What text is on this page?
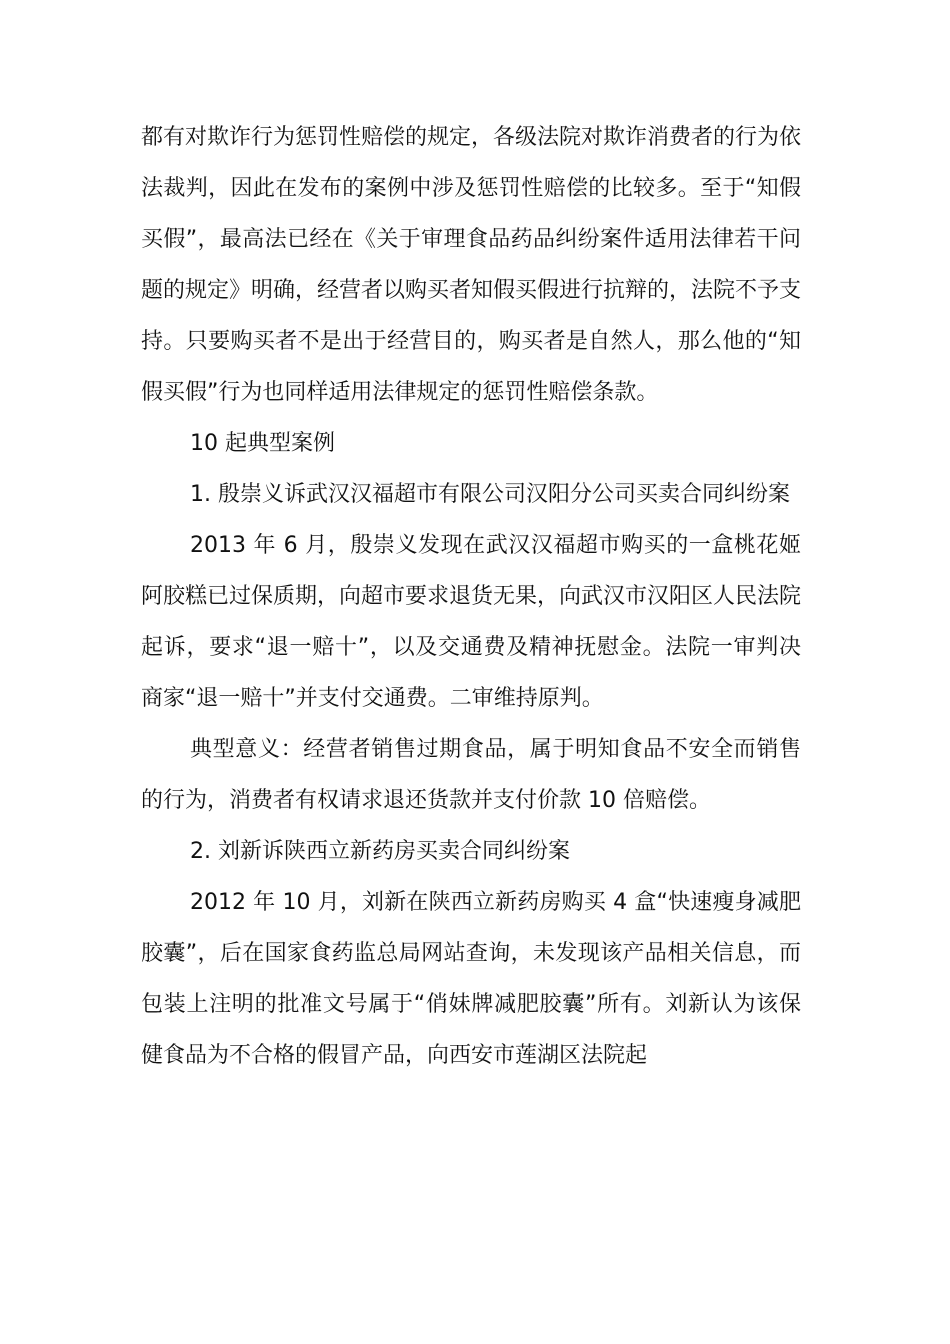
都有对欺诈行为惩罚性赔偿的规定，各级法院对欺诈消费者的行为依法裁判，因此在发布的案例中涉及惩罚性赔偿的比较多。至于“知假买假”，最高法已经在《关于审理食品药品纠纷案件适用法律若干问题的规定》明确，经营者以购买者知假买假进行抗辩的，法院不予支持。只要购买者不是出于经营目的，购买者是自然人，那么他的“知假买假”行为也同样适用法律规定的惩罚性赔偿条款。

10 起典型案例

1. 殷崇义诉武汉汉福超市有限公司汉阳分公司买卖合同纠纷案

2013 年 6 月，殷崇义发现在武汉汉福超市购买的一盒桃花姬阿胶糕已过保质期，向超市要求退货无果，向武汉市汉阳区人民法院起诉，要求“退一赔十”，以及交通费及精神抚慰金。法院一审判决商家“退一赔十”并支付交通费。二审维持原判。

典型意义：经营者销售过期食品，属于明知食品不安全而销售的行为，消费者有权请求退还货款并支付价款 10 倍赔偿。

2. 刘新诉陕西立新药房买卖合同纠纷案

2012 年 10 月，刘新在陕西立新药房购买 4 盒“快速瘦身减肥胶囊”，后在国家食药监总局网站查询，未发现该产品相关信息，而包装上注明的批准文号属于“俏妹牌减肥胶囊”所有。刘新认为该保健食品为不合格的假冒产品，向西安市莲湖区法院起
